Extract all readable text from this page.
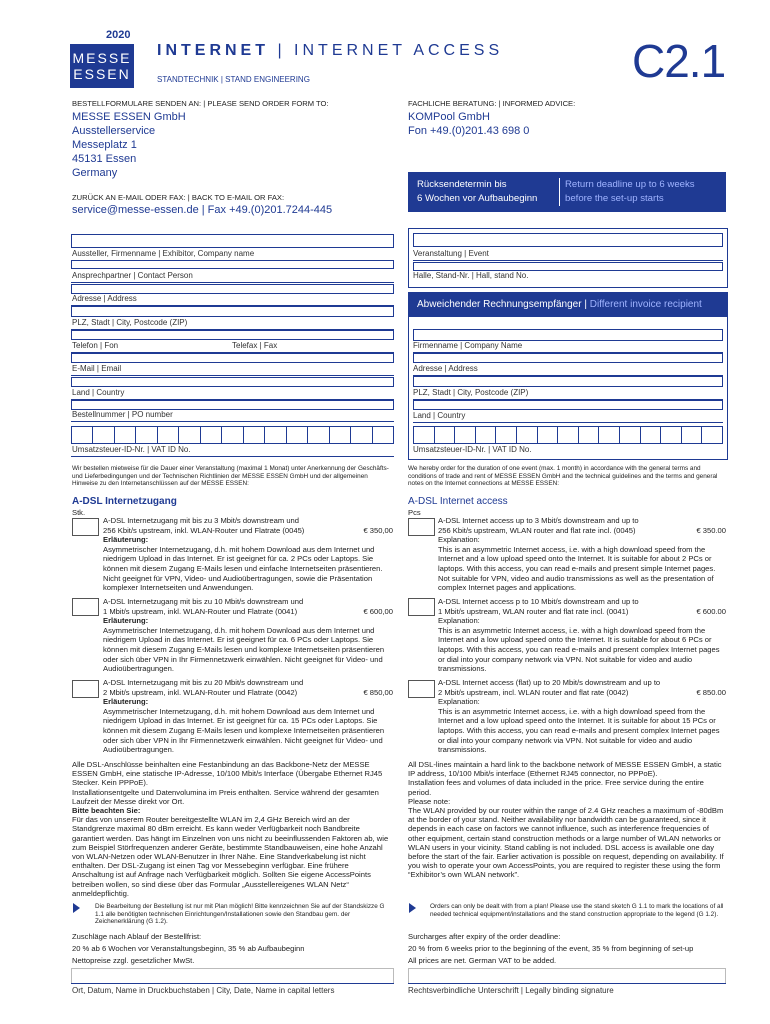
2020
MESSE
ESSEN
INTERNET | INTERNET ACCESS
STANDTECHNIK | STAND ENGINEERING	C2.1
BESTELLFORMULARE SENDEN AN: | PLEASE SEND ORDER FORM TO:
MESSE ESSEN GmbH
Ausstellerservice
Messeplatz 1
45131 Essen
Germany
FACHLICHE BERATUNG: | INFORMED ADVICE:
KOMPool GmbH
Fon +49.(0)201.43 698 0
ZURÜCK AN E-MAIL ODER FAX: | BACK TO E-MAIL OR FAX:
service@messe-essen.de | Fax +49.(0)201.7244-445
Rücksendetermin bis
6 Wochen vor Aufbaubeginn
Return deadline up to 6 weeks
before the set-up starts
Aussteller, Firmenname | Exhibitor, Company name
Ansprechpartner | Contact Person
Adresse | Address
PLZ, Stadt | City, Postcode (ZIP)
Telefon | Fon	Telefax | Fax
E-Mail | Email
Land | Country
Bestellnummer | PO number
Umsatzsteuer-ID-Nr. | VAT ID No.
Veranstaltung | Event
Halle, Stand-Nr. | Hall, stand No.
Abweichender Rechnungsempfänger | Different invoice recipient
Firmenname | Company Name
Adresse | Address
PLZ, Stadt | City, Postcode (ZIP)
Land | Country
Umsatzsteuer-ID-Nr. | VAT ID No.
Wir bestellen mietweise für die Dauer einer Veranstaltung (maximal 1 Monat) unter Anerkennung der Geschäfts- und Lieferbedingungen und der Technischen Richtlinien der MESSE ESSEN GmbH und der allgemeinen Hinweise zu den Internetanschlüssen auf der MESSE ESSEN:
We hereby order for the duration of one event (max. 1 month) in accordance with the general terms and conditions of trade and rent of MESSE ESSEN GmbH and the technical guidelines and the terms and general notes on the Internet connections at MESSE ESSEN:
A-DSL Internetzugang
Stk.
A-DSL Internet access
Pcs

A-DSL Internetzugang mit bis zu 3 Mbit/s downstream und

256 Kbit/s upstream, inkl. WLAN-Router und Flatrate (0045)	€ 350,00

Erläuterung:

Asymmetrischer Internetzugang, d.h. mit hohem Download aus dem Internet und niedrigem Upload in das Internet. Er ist geeignet für ca. 2 PCs oder Laptops. Sie können mit diesem Zugang E-Mails lesen und einfache Internetseiten präsentieren. Nicht geeignet für VPN, Video- und Audioübertragungen, sowie die Präsentation komplexer Internetseiten und Anwendungen.

A-DSL Internetzugang mit bis zu 10 Mbit/s downstream und

1 Mbit/s upstream, inkl. WLAN-Router und Flatrate (0041)	€ 600,00

Erläuterung:

Asymmetrischer Internetzugang, d.h. mit hohem Download aus dem Internet und niedrigem Upload in das Internet. Er ist geeignet für ca. 6 PCs oder Laptops. Sie können mit diesem Zugang E-Mails lesen und komplexe Internetseiten präsentieren oder sich über VPN in Ihr Firmennetzwerk einwählen. Nicht geeignet für Video- und Audioübertragungen.

A-DSL Internetzugang mit bis zu 20 Mbit/s downstream und

2 Mbit/s upstream, inkl. WLAN-Router und Flatrate (0042)	€ 850,00

Erläuterung:

Asymmetrischer Internetzugang, d.h. mit hohem Download aus dem Internet und niedrigem Upload in das Internet. Er ist geeignet für ca. 15 PCs oder Laptops. Sie können mit diesem Zugang E-Mails lesen und komplexe Internetseiten präsentieren oder sich über VPN in Ihr Firmennetzwerk einwählen. Nicht geeignet für Video- und Audioübertragungen.

A-DSL Internet access up to 3 Mbit/s downstream and up to

256 Kbit/s upstream, WLAN router and flat rate incl. (0045)	€ 350.00

Explanation:

This is an asymmetric Internet access, i.e. with a high download speed from the Internet and a low upload speed onto the Internet. It is suitable for about 2 PCs or laptops. With this access, you can read e-mails and present simple Internet pages. Not suitable for VPN, video and audio transmissions as well as the presentation of complex Internet pages and applications.

A-DSL Internet access p to 10 Mbit/s downstream and up to

1 Mbit/s upstream, WLAN router and flat rate incl. (0041)	€ 600.00

Explanation:

This is an asymmetric Internet access, i.e. with a high download speed from the Internet and a low upload speed onto the Internet. It is suitable for about 6 PCs or laptops. With this access, you can read e-mails and present complex Internet pages or dial into your company network via VPN. Not suitable for video and audio transmissions.

A-DSL Internet access (flat) up to 20 Mbit/s downstream and up to

2 Mbit/s upstream, incl. WLAN router and flat rate (0042)	€ 850.00

Explanation:

This is an asymmetric Internet access, i.e. with a high download speed from the Internet and a low upload speed onto the Internet. It is suitable for about 15 PCs or laptops. With this access, you can read e-mails and present complex Internet pages or dial into your company network via VPN. Not suitable for video and audio transmissions.

Alle DSL-Anschlüsse beinhalten eine Festanbindung an das Backbone-Netz der MESSE ESSEN GmbH, eine statische IP-Adresse, 10/100 Mbit/s Interface (Übergabe Ethernet RJ45 Stecker. Kein PPPoE).

Installationsentgelte und Datenvolumina im Preis enthalten. Service während der gesamten Laufzeit der Messe direkt vor Ort.

Bitte beachten Sie:

Für das von unserem Router bereitgestellte WLAN im 2,4 GHz Bereich wird an der Standgrenze maximal 80 dBm erreicht. Es kann weder Verfügbarkeit noch Bandbreite garantiert werden. Das hängt im Einzelnen von uns nicht zu beeinflussenden Faktoren ab, wie zum Beispiel Störfrequenzen anderer Geräte, bestimmte Standbauweisen, eine hohe Anzahl von WLAN-Netzen oder WLAN-Benutzer in Ihrer Nähe. Eine Standverkabelung ist nicht enthalten. Der DSL-Zugang ist einen Tag vor Messebeginn verfügbar. Eine frühere Anschaltung ist auf Anfrage nach Verfügbarkeit möglich. Sollten Sie eigene AccessPoints betreiben wollen, so sind diese über das Formular „Ausstellereigenes WLAN Netz“ anmeldepflichtig.

Die Bearbeitung der Bestellung ist nur mit Plan möglich! Bitte kennzeichnen Sie auf der Standskizze G 1.1 alle benötigten technischen Einrichtungen/Installationen sowie den Standbau gem. der Zeichenerklärung (G 1.2).
Zuschläge nach Ablauf der Bestellfrist:
20 % ab 6 Wochen vor Veranstaltungsbeginn, 35 % ab Aufbaubeginn
Nettopreise zzgl. gesetzlicher MwSt.

All DSL-lines maintain a hard link to the backbone network of MESSE ESSEN GmbH, a static IP address, 10/100 Mbit/s interface (Ethernet RJ45 connector, no PPPoE).

Installation fees and volumes of data included in the price. Free service during the entire period.

Please note:

The WLAN provided by our router within the range of 2.4 GHz reaches a maximum of -80dBm at the border of your stand. Neither availability nor bandwidth can be guaranteed, since it depends in each case on factors we cannot influence, such as interference frequencies of other equipment, certain stand construction methods or a large number of WLAN networks or WLAN users in your vicinity. Stand cabling is not included. DSL access is available one day before the start of the fair. Earlier activation is possible on request, depending on availability. If you wish to operate your own AccessPoints, you are required to register these using the form “Exhibitor’s own WLAN network”.

Orders can only be dealt with from a plan! Please use the stand sketch G 1.1 to mark the locations of all needed technical equipment/installations and the stand construction appropriate to the legend (G 1.2).
Surcharges after expiry of the order deadline:
20 % from 6 weeks prior to the beginning of the event, 35 % from beginning of set-up
All prices are net. German VAT to be added.
Ort, Datum, Name in Druckbuchstaben | City, Date, Name in capital letters	Rechtsverbindliche Unterschrift | Legally binding signature
